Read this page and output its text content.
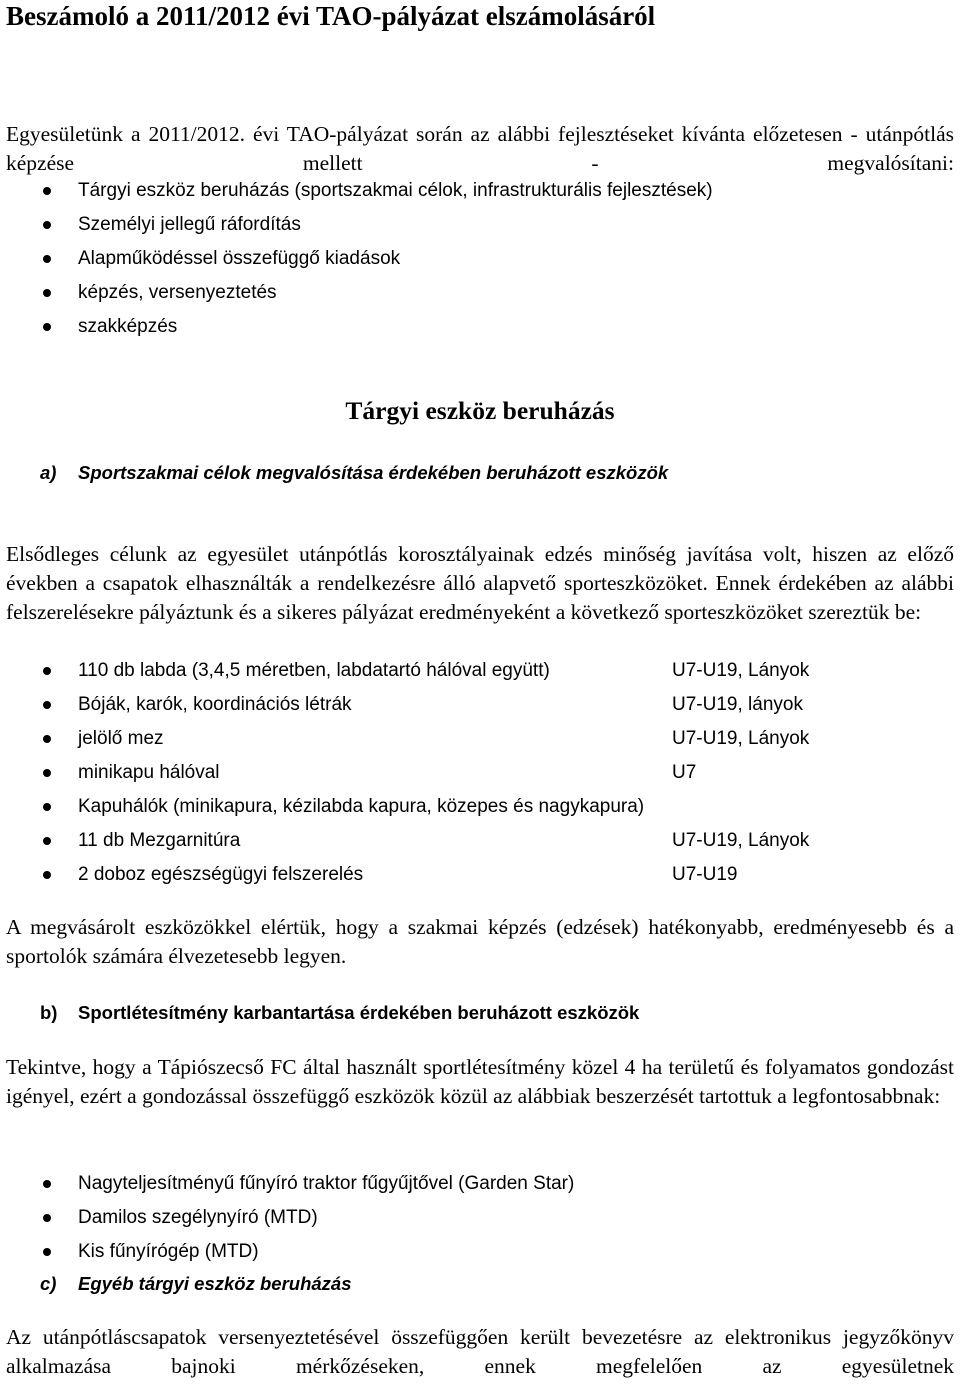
Beszámoló a 2011/2012 évi TAO-pályázat elszámolásáról

Egyesületünk a 2011/2012. évi TAO-pályázat során az alábbi fejlesztéseket kívánta előzetesen - utánpótlás képzése mellett - megvalósítani:

Tárgyi eszköz beruházás (sportszakmai célok, infrastrukturális fejlesztések)
Személyi jellegű ráfordítás
Alapműködéssel összefüggő kiadások
képzés, versenyeztetés
szakképzés
Tárgyi eszköz beruházás

a) Sportszakmai célok megvalósítása érdekében beruházott eszközök

Elsődleges célunk az egyesület utánpótlás korosztályainak edzés minőség javítása volt, hiszen az előző években a csapatok elhasználták a rendelkezésre álló alapvető sporteszközöket. Ennek érdekében az alábbi felszerelésekre pályáztunk és a sikeres pályázat eredményeként a következő sporteszközöket szereztük be:

110 db labda (3,4,5 méretben, labdatartó hálóval együtt)	U7-U19, Lányok
Bóják, karók, koordinációs létrák	U7-U19, lányok
jelölő mez	U7-U19, Lányok
minikapu hálóval	U7
Kapuhálók (minikapura, kézilabda kapura, közepes és nagykapura)
11 db Mezgarnitúra	U7-U19, Lányok
2 doboz egészségügyi felszerelés	U7-U19

A megvásárolt eszközökkel elértük, hogy a szakmai képzés (edzések) hatékonyabb, eredményesebb és a sportolók számára élvezetesebb legyen.

b) Sportlétesítmény karbantartása érdekében beruházott eszközök

Tekintve, hogy a Tápiószecső FC által használt sportlétesítmény közel 4 ha területű és folyamatos gondozást igényel, ezért a gondozással összefüggő eszközök közül az alábbiak beszerzését tartottuk a legfontosabbnak:

Nagyteljesítményű fűnyíró traktor fűgyűjtővel (Garden Star)
Damilos szegélynyíró (MTD)
Kis fűnyírógép (MTD)

c) Egyéb tárgyi eszköz beruházás

Az utánpótláscsapatok versenyeztetésével összefüggően került bevezetésre az elektronikus jegyzőkönyv alkalmazása bajnoki mérkőzéseken, ennek megfelelően az egyesületnek
